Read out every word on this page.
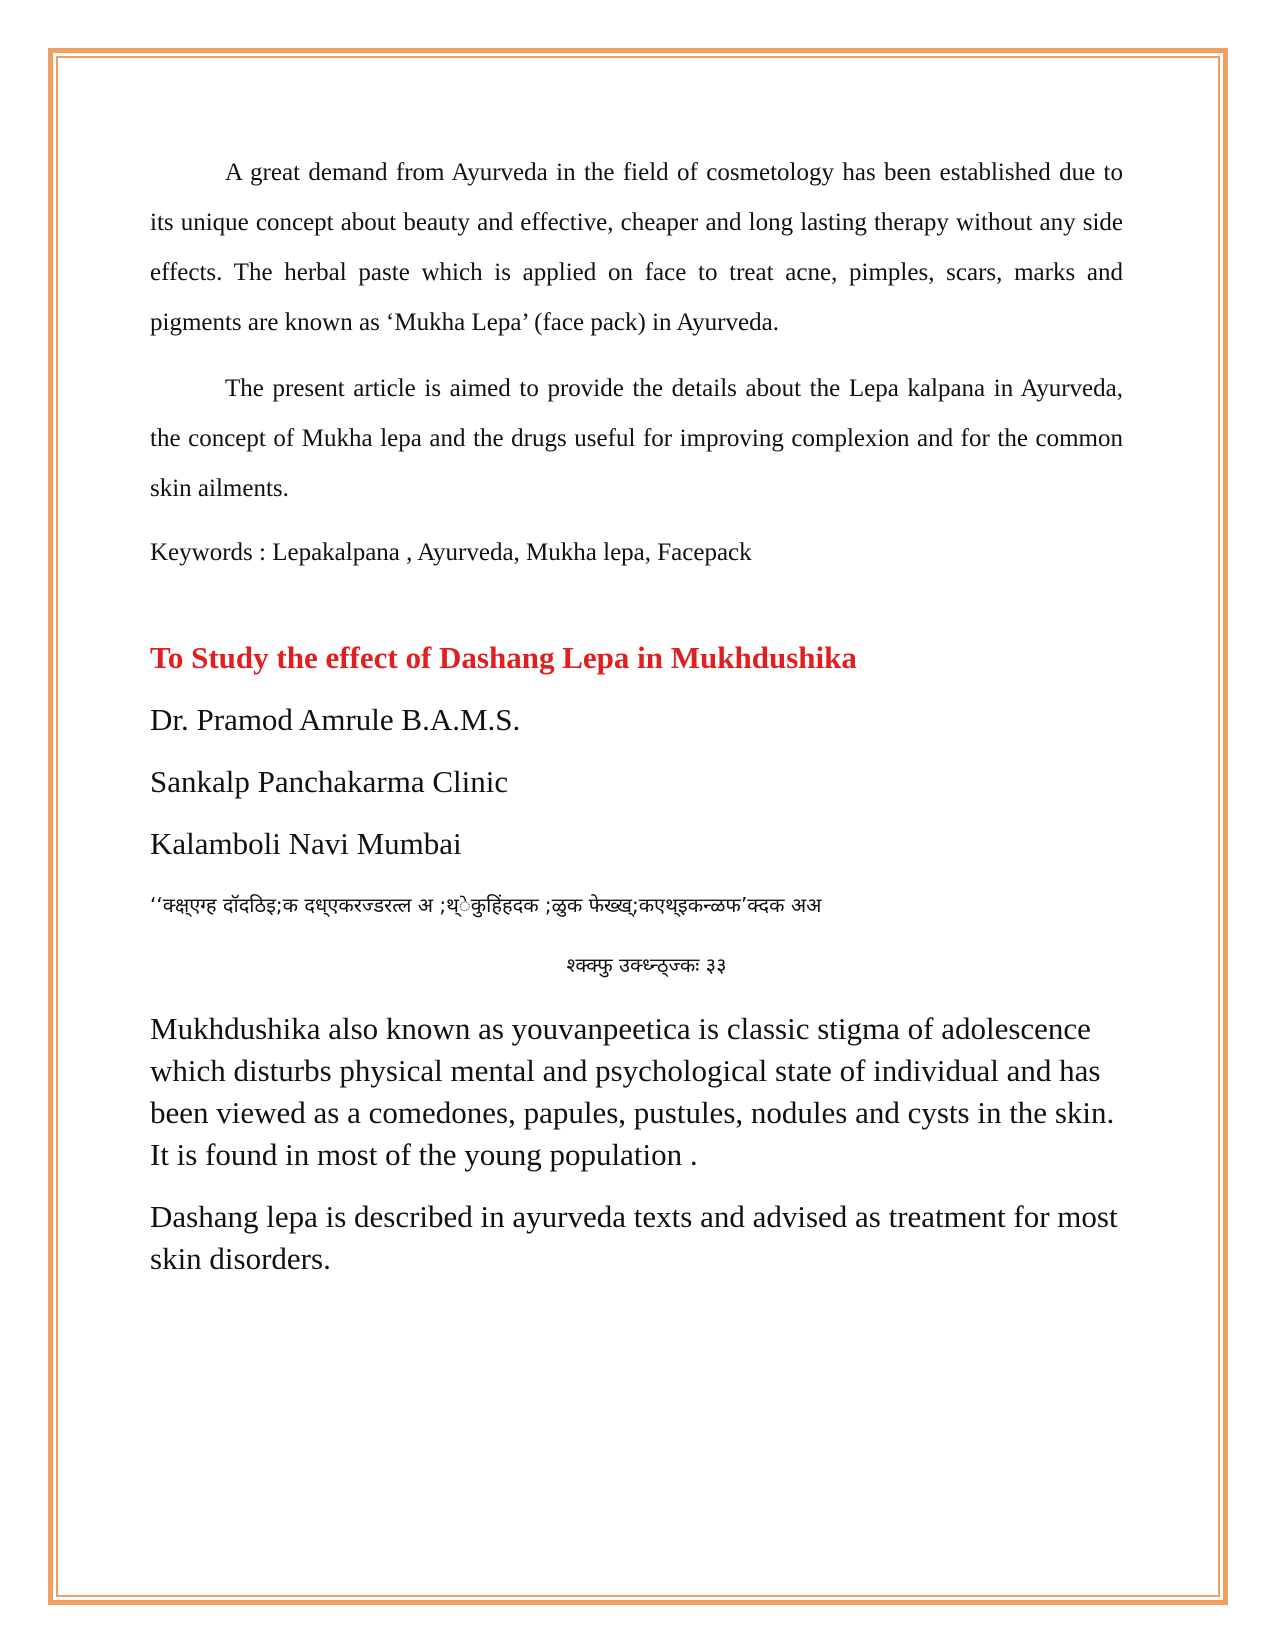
A great demand from Ayurveda in the field of cosmetology has been established due to its unique concept about beauty and effective, cheaper and long lasting therapy without any side effects. The herbal paste which is applied on face to treat acne, pimples, scars, marks and pigments are known as ‘Mukha Lepa’ (face pack) in Ayurveda.

The present article is aimed to provide the details about the Lepa kalpana in Ayurveda, the concept of Mukha lepa and the drugs useful for improving complexion and for the common skin ailments.

Keywords : Lepakalpana , Ayurveda, Mukha lepa, Facepack

To Study the effect of Dashang Lepa in Mukhdushika

Dr. Pramod Amrule B.A.M.S.

Sankalp Panchakarma Clinic

Kalamboli Navi Mumbai

‘‘क्क्ष्एग्ह दॉदठिइ;क दध्एकरज्डरत्ल अ ;थ्ेकुहिंहदक ;ळुक फेख्ख्;कएथ्इकन्ळफ’क्दक अअ

श्क्क्फु उक्ध्न्ठ्ज्कः ३३

Mukhdushika also known as youvanpeetica is classic stigma of adolescence which disturbs physical mental and psychological state of individual and has been viewed as a comedones, papules, pustules, nodules and cysts in the skin. It is found in most of the young population .

Dashang lepa is described in ayurveda texts and advised as treatment for most skin disorders.
